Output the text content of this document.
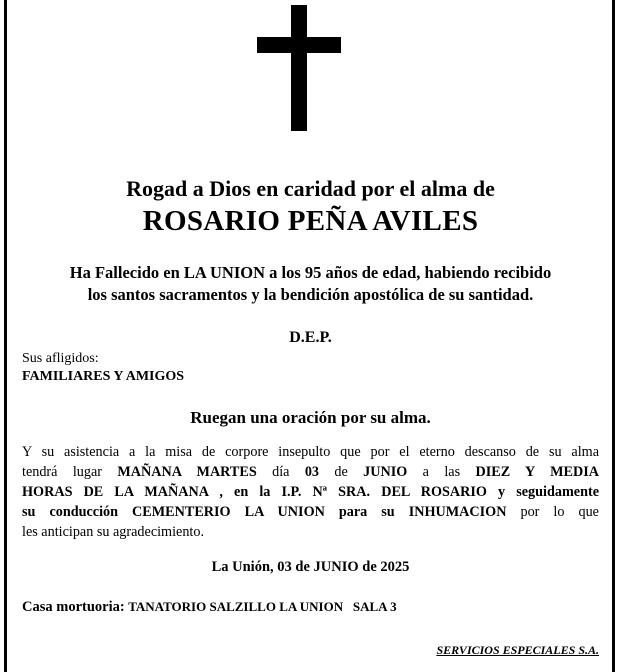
Rogad a Dios en caridad por el alma de
ROSARIO PEÑA AVILES
Ha Fallecido en LA UNION a los 95 años de edad, habiendo recibido
los santos sacramentos y la bendición apostólica de su santidad.
D.E.P.
Sus afligidos:
FAMILIARES Y AMIGOS
Ruegan una oración por su alma.
Y su asistencia a la misa de corpore insepulto que por el eterno descanso de su alma
tendrá lugar MAÑANA MARTES día 03 de JUNIO a las DIEZ Y MEDIA
HORAS DE LA MAÑANA , en la I.P. Nª SRA. DEL ROSARIO y seguidamente
su conducción CEMENTERIO LA UNION para su INHUMACION por lo que
les anticipan su agradecimiento.
La Unión, 03 de JUNIO de 2025
Casa mortuoria: TANATORIO SALZILLO LA UNION   SALA 3
SERVICIOS ESPECIALES S.A.
